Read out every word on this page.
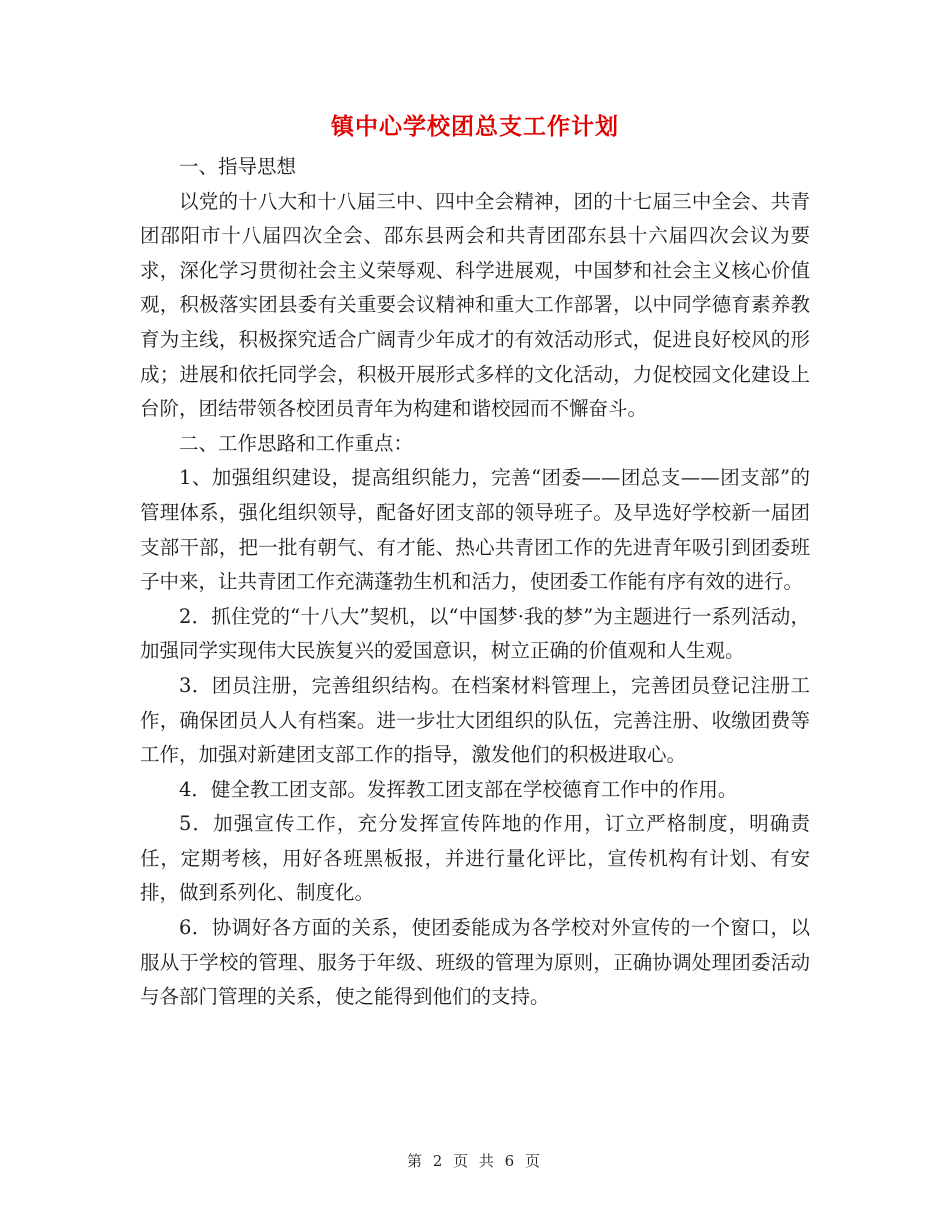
镇中心学校团总支工作计划

一、指导思想

以党的十八大和十八届三中、四中全会精神，团的十七届三中全会、共青团邵阳市十八届四次全会、邵东县两会和共青团邵东县十六届四次会议为要求，深化学习贯彻社会主义荣辱观、科学进展观，中国梦和社会主义核心价值观，积极落实团县委有关重要会议精神和重大工作部署，以中同学德育素养教育为主线，积极探究适合广阔青少年成才的有效活动形式，促进良好校风的形成；进展和依托同学会，积极开展形式多样的文化活动，力促校园文化建设上台阶，团结带领各校团员青年为构建和谐校园而不懈奋斗。

二、工作思路和工作重点：

1、加强组织建设，提高组织能力，完善“团委——团总支——团支部”的管理体系，强化组织领导，配备好团支部的领导班子。及早选好学校新一届团支部干部，把一批有朝气、有才能、热心共青团工作的先进青年吸引到团委班子中来，让共青团工作充满蓬勃生机和活力，使团委工作能有序有效的进行。

2．抓住党的“十八大”契机，以“中国梦·我的梦”为主题进行一系列活动，加强同学实现伟大民族复兴的爱国意识，树立正确的价值观和人生观。

3．团员注册，完善组织结构。在档案材料管理上，完善团员登记注册工作，确保团员人人有档案。进一步壮大团组织的队伍，完善注册、收缴团费等工作，加强对新建团支部工作的指导，激发他们的积极进取心。

4．健全教工团支部。发挥教工团支部在学校德育工作中的作用。

5．加强宣传工作，充分发挥宣传阵地的作用，订立严格制度，明确责任，定期考核，用好各班黑板报，并进行量化评比，宣传机构有计划、有安排，做到系列化、制度化。

6．协调好各方面的关系，使团委能成为各学校对外宣传的一个窗口，以服从于学校的管理、服务于年级、班级的管理为原则，正确协调处理团委活动与各部门管理的关系，使之能得到他们的支持。

第 2 页 共 6 页
